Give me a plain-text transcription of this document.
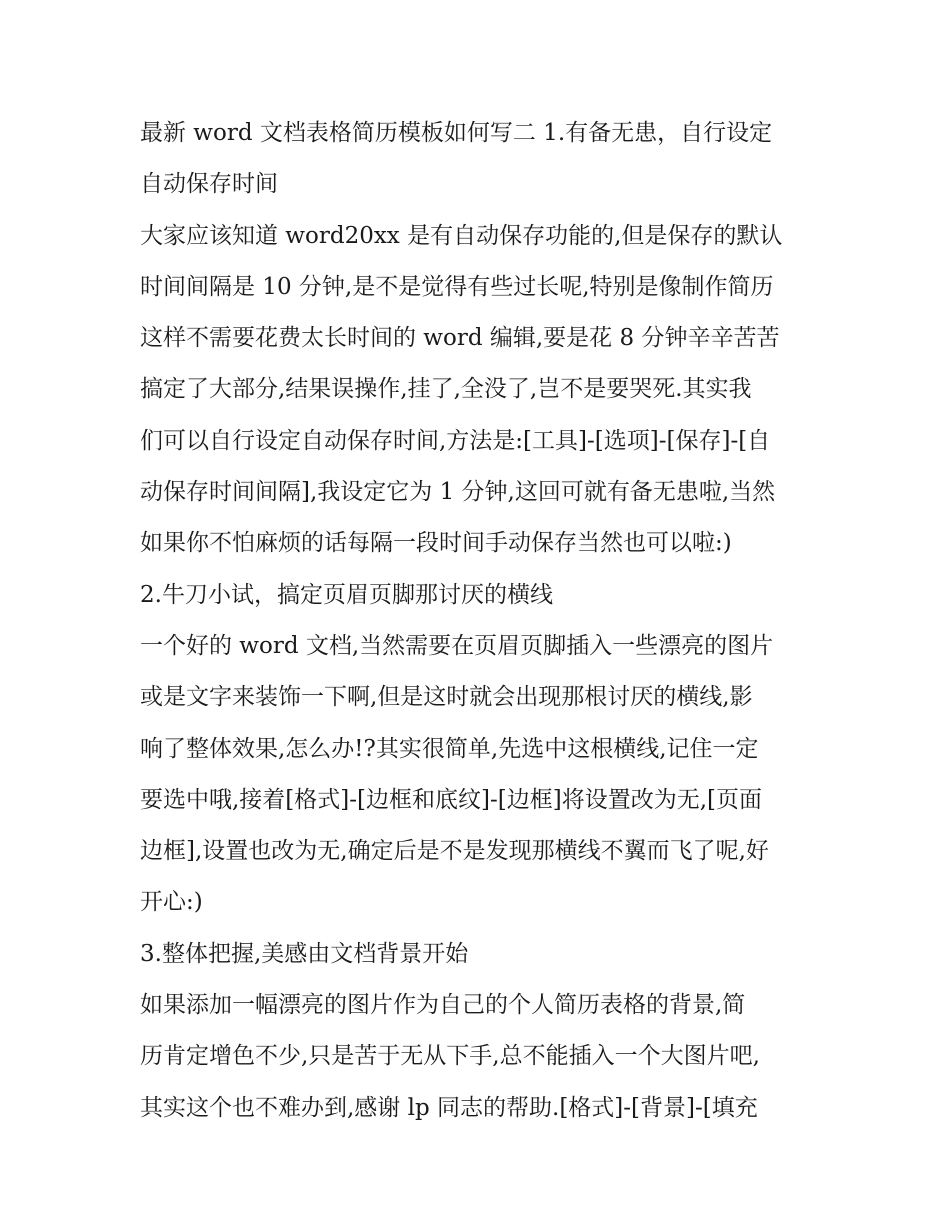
最新 word 文档表格简历模板如何写二 1.有备无患，自行设定
自动保存时间
大家应该知道 word20xx 是有自动保存功能的,但是保存的默认
时间间隔是 10 分钟,是不是觉得有些过长呢,特别是像制作简历
这样不需要花费太长时间的 word 编辑,要是花 8 分钟辛辛苦苦
搞定了大部分,结果误操作,挂了,全没了,岂不是要哭死.其实我
们可以自行设定自动保存时间,方法是:[工具]-[选项]-[保存]-[自
动保存时间间隔],我设定它为 1 分钟,这回可就有备无患啦,当然
如果你不怕麻烦的话每隔一段时间手动保存当然也可以啦:)
2.牛刀小试，搞定页眉页脚那讨厌的横线
一个好的 word 文档,当然需要在页眉页脚插入一些漂亮的图片
或是文字来装饰一下啊,但是这时就会出现那根讨厌的横线,影
响了整体效果,怎么办!?其实很简单,先选中这根横线,记住一定
要选中哦,接着[格式]-[边框和底纹]-[边框]将设置改为无,[页面
边框],设置也改为无,确定后是不是发现那横线不翼而飞了呢,好
开心:)
3.整体把握,美感由文档背景开始
如果添加一幅漂亮的图片作为自己的个人简历表格的背景,简
历肯定增色不少,只是苦于无从下手,总不能插入一个大图片吧,
其实这个也不难办到,感谢 lp 同志的帮助.[格式]-[背景]-[填充
